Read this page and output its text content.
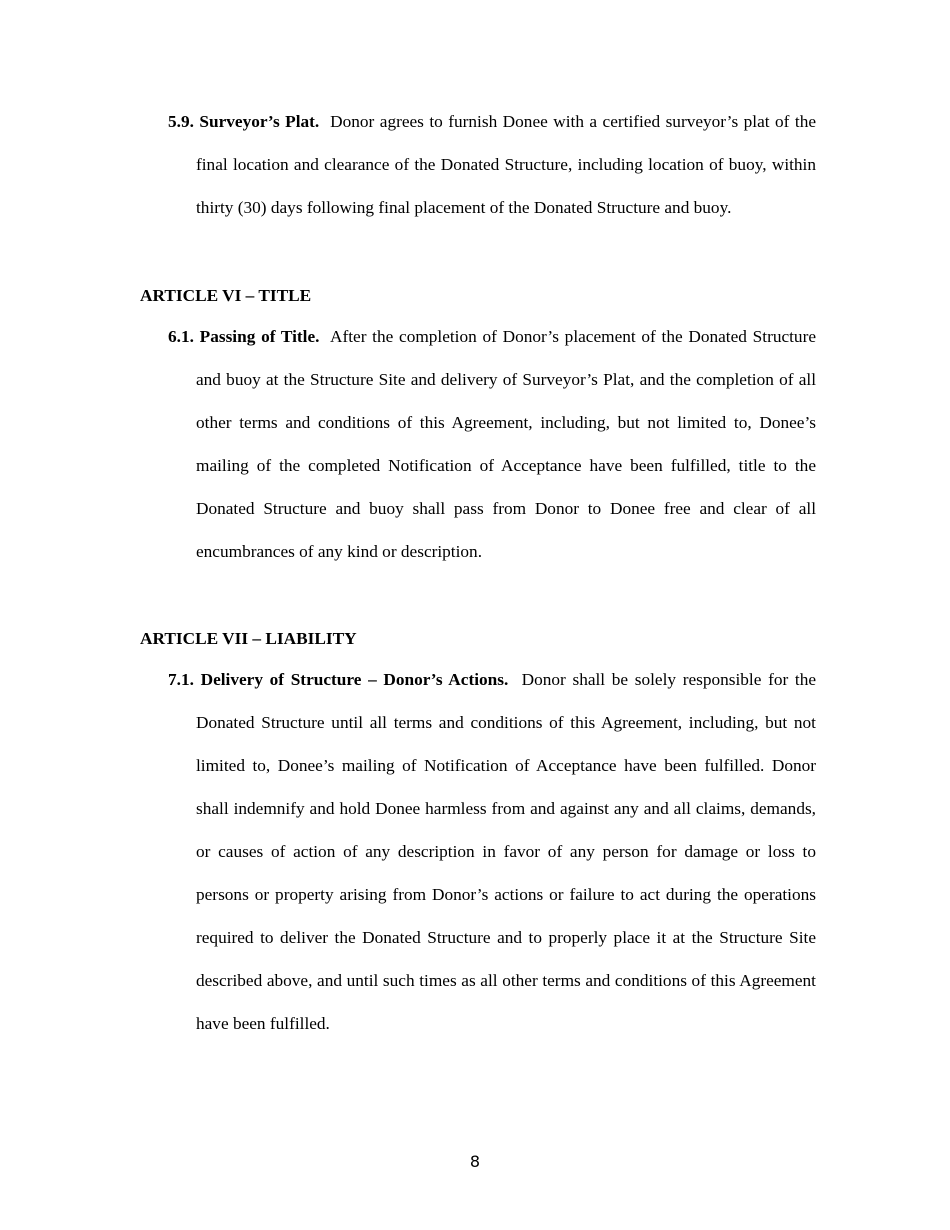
5.9. Surveyor’s Plat. Donor agrees to furnish Donee with a certified surveyor’s plat of the final location and clearance of the Donated Structure, including location of buoy, within thirty (30) days following final placement of the Donated Structure and buoy.

ARTICLE VI – TITLE

6.1. Passing of Title. After the completion of Donor’s placement of the Donated Structure and buoy at the Structure Site and delivery of Surveyor’s Plat, and the completion of all other terms and conditions of this Agreement, including, but not limited to, Donee’s mailing of the completed Notification of Acceptance have been fulfilled, title to the Donated Structure and buoy shall pass from Donor to Donee free and clear of all encumbrances of any kind or description.

ARTICLE VII – LIABILITY

7.1. Delivery of Structure – Donor’s Actions. Donor shall be solely responsible for the Donated Structure until all terms and conditions of this Agreement, including, but not limited to, Donee’s mailing of Notification of Acceptance have been fulfilled. Donor shall indemnify and hold Donee harmless from and against any and all claims, demands, or causes of action of any description in favor of any person for damage or loss to persons or property arising from Donor’s actions or failure to act during the operations required to deliver the Donated Structure and to properly place it at the Structure Site described above, and until such times as all other terms and conditions of this Agreement have been fulfilled.

8
